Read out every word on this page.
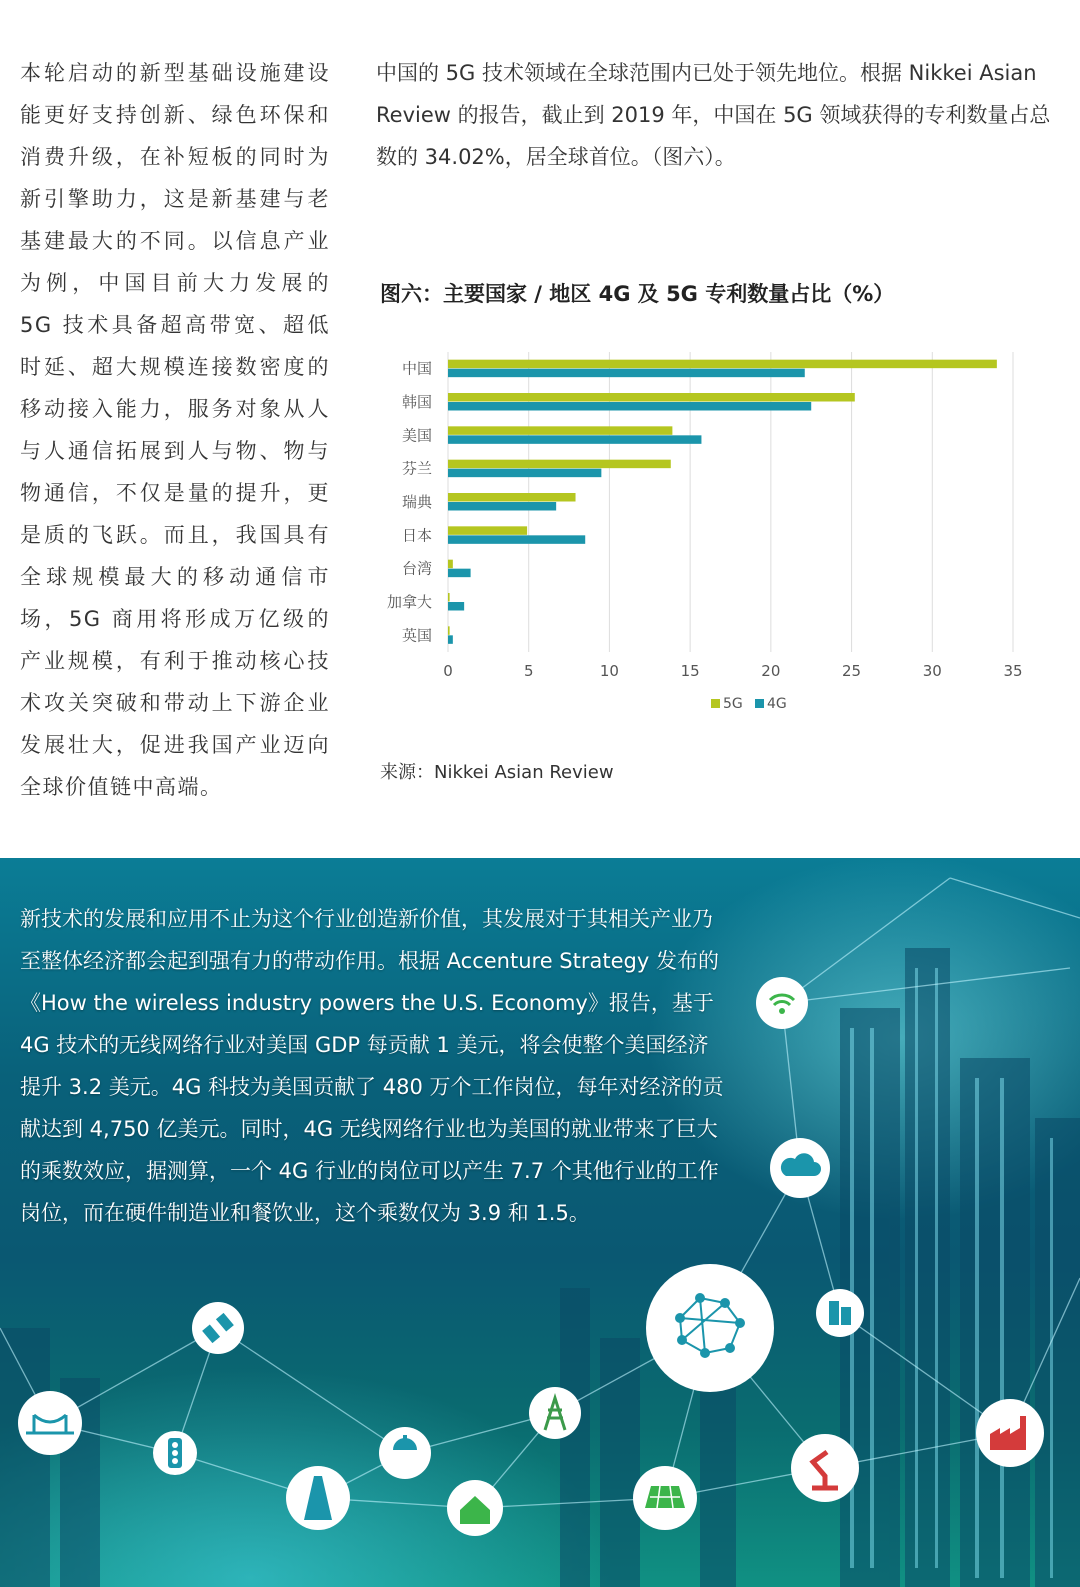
本轮启动的新型基础设施建设能更好支持创新、绿色环保和消费升级，在补短板的同时为新引擎助力，这是新基建与老基建最大的不同。以信息产业为例，中国目前大力发展的 5G 技术具备超高带宽、超低时延、超大规模连接数密度的移动接入能力，服务对象从人与人通信拓展到人与物、物与物通信，不仅是量的提升，更是质的飞跃。而且，我国具有全球规模最大的移动通信市场，5G 商用将形成万亿级的产业规模，有利于推动核心技术攻关突破和带动上下游企业发展壮大，促进我国产业迈向全球价值链中高端。

中国的 5G 技术领域在全球范围内已处于领先地位。根据 Nikkei Asian Review 的报告，截止到 2019 年，中国在 5G 领域获得的专利数量占总数的 34.02%，居全球首位。（图六）。

图六：主要国家 / 地区 4G 及 5G 专利数量占比（%）
0	5	10	15	20	25	30	35
中国
韩国
美国
芬兰
瑞典
日本
台湾
加拿大
英国
5G 4G
来源：Nikkei Asian Review

新技术的发展和应用不止为这个行业创造新价值，其发展对于其相关产业乃至整体经济都会起到强有力的带动作用。根据 Accenture Strategy 发布的《How the wireless industry powers the U.S. Economy》报告，基于 4G 技术的无线网络行业对美国 GDP 每贡献 1 美元，将会使整个美国经济提升 3.2 美元。4G 科技为美国贡献了 480 万个工作岗位，每年对经济的贡献达到 4,750 亿美元。同时，4G 无线网络行业也为美国的就业带来了巨大的乘数效应，据测算，一个 4G 行业的岗位可以产生 7.7 个其他行业的工作岗位，而在硬件制造业和餐饮业，这个乘数仅为 3.9 和 1.5。
